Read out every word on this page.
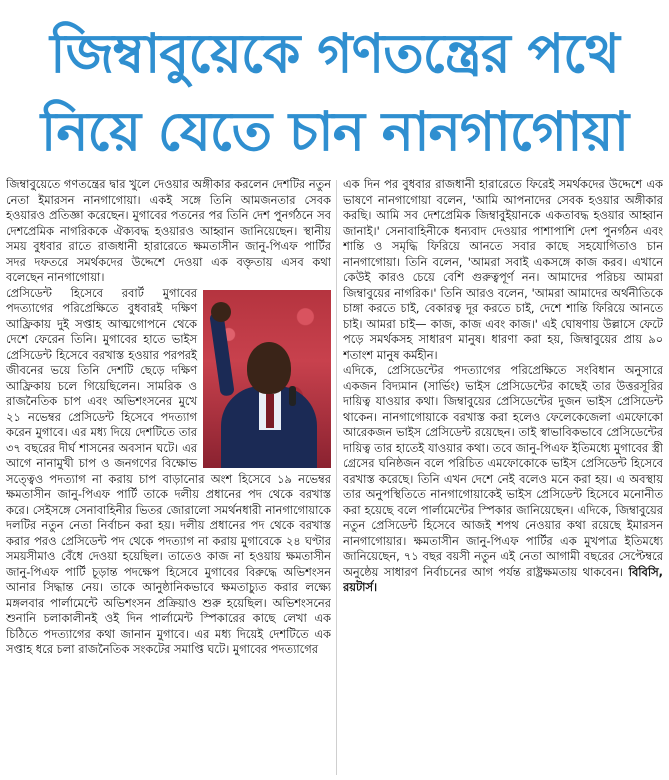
জিম্বাবুয়েকে গণতন্ত্রের পথে
নিয়ে যেতে চান নানগাগোয়া

জিম্বাবুয়েতে গণতন্ত্রের দ্বার খুলে দেওয়ার অঙ্গীকার করলেন দেশটির নতুন নেতা ইমারসন নানগাগোয়া। একই সঙ্গে তিনি আমজনতার সেবক হওয়ারও প্রতিজ্ঞা করেছেন। মুগাবের পতনের পর তিনি দেশ পুনর্গঠনে সব দেশপ্রেমিক নাগরিককে ঐক্যবদ্ধ হওয়ারও আহ্বান জানিয়েছেন। স্থানীয় সময় বুধবার রাতে রাজধানী হারারেতে ক্ষমতাসীন জানু-পিএফ পার্টির সদর দফতরে সমর্থকদের উদ্দেশে দেওয়া এক বক্তৃতায় এসব কথা বলেছেন নানগাগোয়া।

প্রেসিডেন্ট হিসেবে রবার্ট মুগাবের পদত্যাগের পরিপ্রেক্ষিতে বুধবারই দক্ষিণ আফ্রিকায় দুই সপ্তাহ আত্মগোপনে থেকে দেশে ফেরেন তিনি। মুগাবের হাতে ভাইস প্রেসিডেন্ট হিসেবে বরখাস্ত হওয়ার পরপরই জীবনের ভয়ে তিনি দেশটি ছেড়ে দক্ষিণ আফ্রিকায় চলে গিয়েছিলেন। সামরিক ও রাজনৈতিক চাপ এবং অভিশংসনের মুখে ২১ নভেম্বর প্রেসিডেন্ট হিসেবে পদত্যাগ করেন মুগাবে। এর মধ্য দিয়ে দেশটিতে তার ৩৭ বছরের দীর্ঘ শাসনের অবসান ঘটে। এর আগে নানামুখী চাপ ও জনগণের বিক্ষোভ সত্ত্বেও পদত্যাগ না করায় চাপ বাড়ানোর অংশ হিসেবে ১৯ নভেম্বর ক্ষমতাসীন জানু-পিএফ পার্টি তাকে দলীয় প্রধানের পদ থেকে বরখাস্ত করে। সেইসঙ্গে সেনাবাহিনীর ভিতর জোরালো সমর্থনধারী নানগাগোয়াকে দলটির নতুন নেতা নির্বাচন করা হয়। দলীয় প্রধানের পদ থেকে বরখাস্ত করার পরও প্রেসিডেন্ট পদ থেকে পদত্যাগ না করায় মুগাবেকে ২৪ ঘণ্টার সময়সীমাও বেঁধে দেওয়া হয়েছিল। তাতেও কাজ না হওয়ায় ক্ষমতাসীন জানু-পিএফ পার্টি চূড়ান্ত পদক্ষেপ হিসেবে মুগাবের বিরুদ্ধে অভিশংসন আনার সিদ্ধান্ত নেয়। তাকে আনুষ্ঠানিকভাবে ক্ষমতাচ্যুত করার লক্ষ্যে মঙ্গলবার পার্লামেন্টে অভিশংসন প্রক্রিয়াও শুরু হয়েছিল। অভিশংসনের শুনানি চলাকালীনই ওই দিন পার্লামেন্ট স্পিকারের কাছে লেখা এক চিঠিতে পদত্যাগের কথা জানান মুগাবে। এর মধ্য দিয়েই দেশটিতে এক সপ্তাহ ধরে চলা রাজনৈতিক সংকটের সমাপ্তি ঘটে। মুগাবের পদত্যাগের

এক দিন পর বুধবার রাজধানী হারারেতে ফিরেই সমর্থকদের উদ্দেশে এক ভাষণে নানগাগোয়া বলেন, 'আমি আপনাদের সেবক হওয়ার অঙ্গীকার করছি। আমি সব দেশপ্রেমিক জিম্বাবুইয়ানকে একতাবদ্ধ হওয়ার আহ্বান জানাই।' সেনাবাহিনীকে ধন্যবাদ দেওয়ার পাশাপাশি দেশ পুনর্গঠন এবং শান্তি ও সমৃদ্ধি ফিরিয়ে আনতে সবার কাছে সহযোগিতাও চান নানগাগোয়া। তিনি বলেন, 'আমরা সবাই একসঙ্গে কাজ করব। এখানে কেউই কারও চেয়ে বেশি গুরুত্বপূর্ণ নন। আমাদের পরিচয় আমরা জিম্বাবুয়ের নাগরিক।' তিনি আরও বলেন, 'আমরা আমাদের অর্থনীতিকে চাঙ্গা করতে চাই, বেকারত্ব দূর করতে চাই, দেশে শান্তি ফিরিয়ে আনতে চাই। আমরা চাই— কাজ, কাজ এবং কাজ।' এই ঘোষণায় উল্লাসে ফেটে পড়ে সমর্থকসহ সাধারণ মানুষ। ধারণা করা হয়, জিম্বাবুয়ের প্রায় ৯০ শতাংশ মানুষ কর্মহীন।

এদিকে, প্রেসিডেন্টের পদত্যাগের পরিপ্রেক্ষিতে সংবিধান অনুসারে একজন বিদ্যমান (সার্ভিং) ভাইস প্রেসিডেন্টের কাছেই তার উত্তরসূরির দায়িত্ব যাওয়ার কথা। জিম্বাবুয়ের প্রেসিডেন্টের দুজন ভাইস প্রেসিডেন্ট থাকেন। নানগাগোয়াকে বরখাস্ত করা হলেও ফেলেকেজেলা এমফোকো আরেকজন ভাইস প্রেসিডেন্ট রয়েছেন। তাই স্বাভাবিকভাবে প্রেসিডেন্টের দায়িত্ব তার হাতেই যাওয়ার কথা। তবে জানু-পিএফ ইতিমধ্যে মুগাবের স্ত্রী গ্রেসের ঘনিষ্ঠজন বলে পরিচিত এমফোকোকে ভাইস প্রেসিডেন্ট হিসেবে বরখাস্ত করেছে। তিনি এখন দেশে নেই বলেও মনে করা হয়। এ অবস্থায় তার অনুপস্থিতিতে নানগাগোয়াকেই ভাইস প্রেসিডেন্ট হিসেবে মনোনীত করা হয়েছে বলে পার্লামেন্টের স্পিকার জানিয়েছেন। এদিকে, জিম্বাবুয়ের নতুন প্রেসিডেন্ট হিসেবে আজই শপথ নেওয়ার কথা রয়েছে ইমারসন নানগাগোয়ার। ক্ষমতাসীন জানু-পিএফ পার্টির এক মুখপাত্র ইতিমধ্যে জানিয়েছেন, ৭১ বছর বয়সী নতুন এই নেতা আগামী বছরের সেপ্টেম্বরে অনুষ্ঠেয় সাধারণ নির্বাচনের আগ পর্যন্ত রাষ্ট্রক্ষমতায় থাকবেন। বিবিসি, রয়টার্স।
